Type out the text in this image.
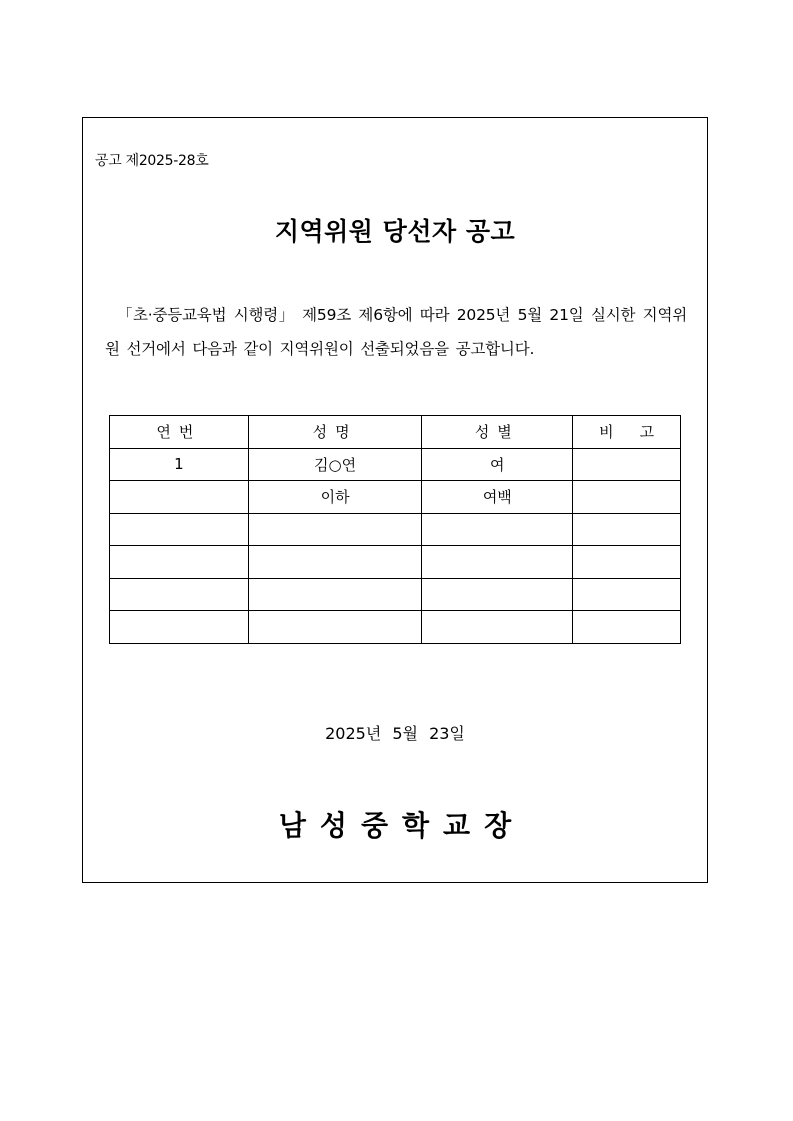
공고 제2025-28호
지역위원 당선자 공고
「초·중등교육법 시행령」 제59조 제6항에 따라 2025년 5월 21일 실시한 지역위원 선거에서 다음과 같이 지역위원이 선출되었음을 공고합니다.
연번	성명	성별	비고
1	김○연	여	
	이하	여백	

2025년 5월 23일
남성중학교장
